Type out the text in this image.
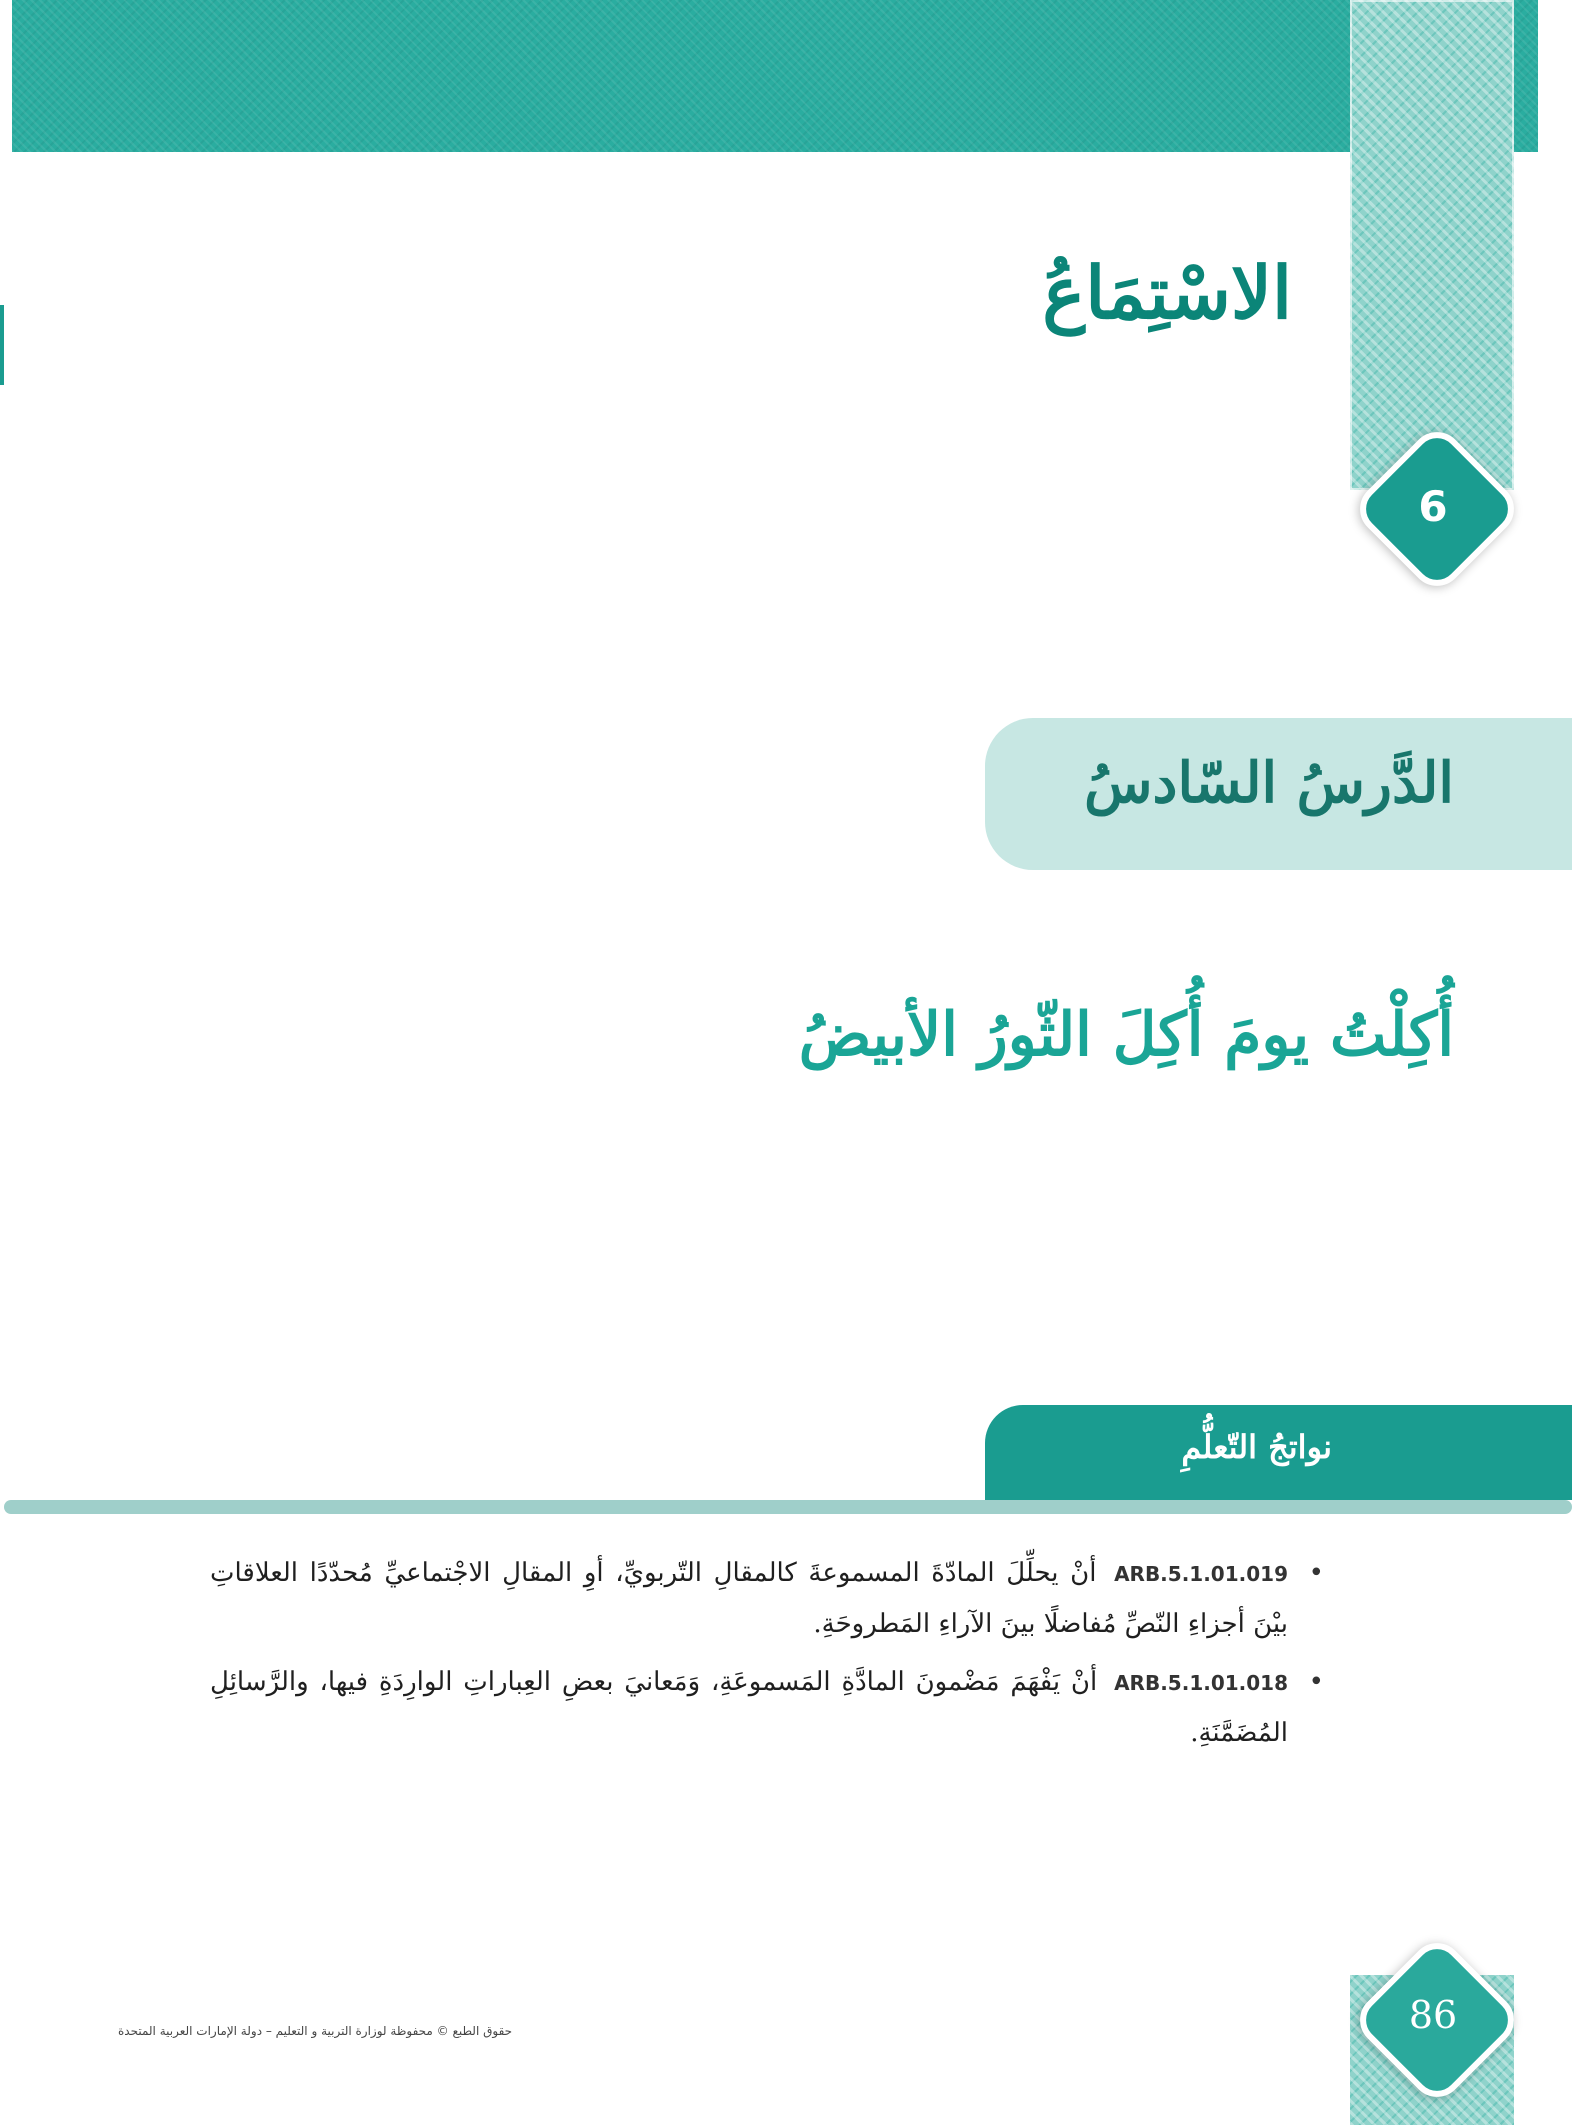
الاسْتِمَاعُ
6
الدَّرسُ السّادسُ
أُكِلْتُ يومَ أُكِلَ الثّورُ الأبيضُ
نواتجُ التّعلُّمِ
•
ARB.5.1.01.019 أنْ يحلِّلَ المادّةَ المسموعةَ كالمقالِ التّربويِّ، أوِ المقالِ الاجْتماعيِّ مُحدّدًا العلاقاتِ بيْنَ أجزاءِ النّصِّ مُفاضلًا بينَ الآراءِ المَطروحَةِ.
•
ARB.5.1.01.018 أنْ يَفْهَمَ مَضْمونَ المادَّةِ المَسموعَةِ، وَمَعانيَ بعضِ العِباراتِ الوارِدَةِ فيها، والرَّسائِلِ المُضَمَّنَةِ.
حقوق الطبع © محفوظة لوزارة التربية و التعليم – دولة الإمارات العربية المتحدة	86
